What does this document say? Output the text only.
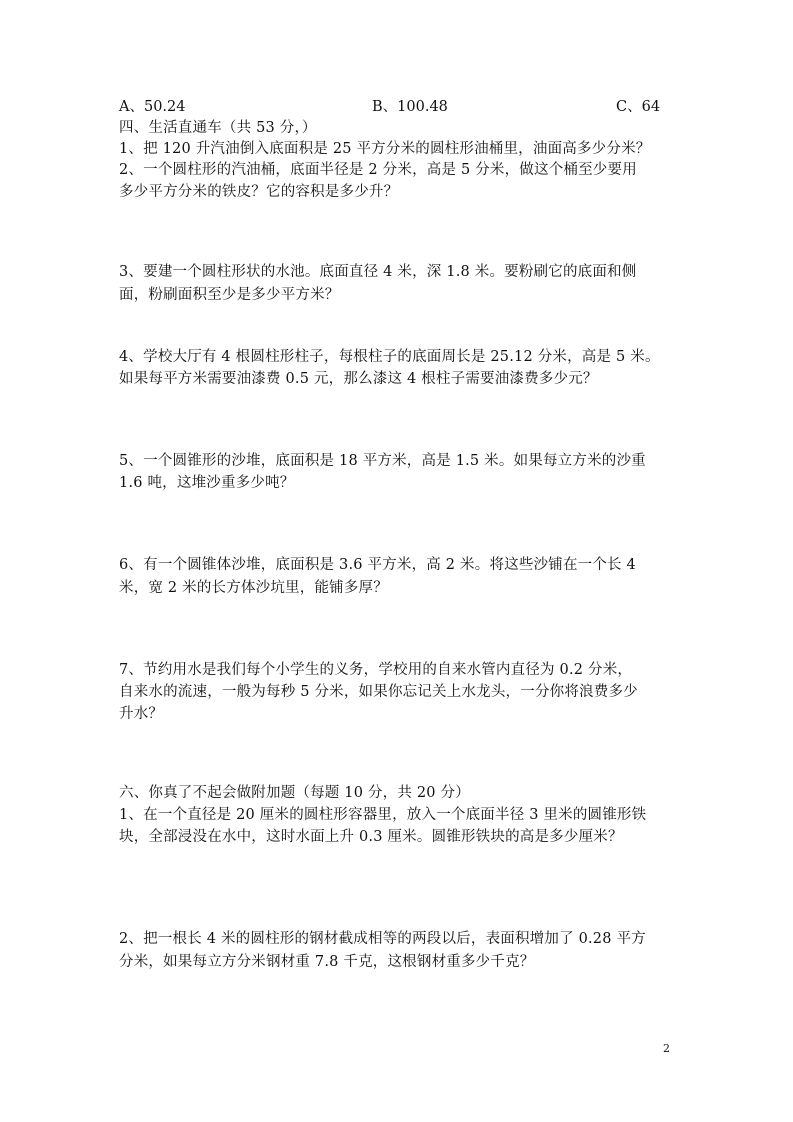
A、50.24	B、100.48	C、64
四、生活直通车（共 53 分，）
1、把 120 升汽油倒入底面积是 25 平方分米的圆柱形油桶里，油面高多少分米？
2、一个圆柱形的汽油桶，底面半径是 2 分米，高是 5 分米，做这个桶至少要用
多少平方分米的铁皮？它的容积是多少升？
3、要建一个圆柱形状的水池。底面直径 4 米，深 1.8 米。要粉刷它的底面和侧
面，粉刷面积至少是多少平方米？
4、学校大厅有 4 根圆柱形柱子，每根柱子的底面周长是 25.12 分米，高是 5 米。
如果每平方米需要油漆费 0.5 元，那么漆这 4 根柱子需要油漆费多少元？
5、一个圆锥形的沙堆，底面积是 18 平方米，高是 1.5 米。如果每立方米的沙重
1.6 吨，这堆沙重多少吨？
6、有一个圆锥体沙堆，底面积是 3.6 平方米，高 2 米。将这些沙铺在一个长 4
米，宽 2 米的长方体沙坑里，能铺多厚？
7、节约用水是我们每个小学生的义务，学校用的自来水管内直径为 0.2 分米，
自来水的流速，一般为每秒 5 分米，如果你忘记关上水龙头，一分你将浪费多少
升水？
六、你真了不起会做附加题（每题 10 分，共 20 分）
1、在一个直径是 20 厘米的圆柱形容器里，放入一个底面半径 3 里米的圆锥形铁
块，全部浸没在水中，这时水面上升 0.3 厘米。圆锥形铁块的高是多少厘米？
2、把一根长 4 米的圆柱形的钢材截成相等的两段以后，表面积增加了 0.28 平方
分米，如果每立方分米钢材重 7.8 千克，这根钢材重多少千克？
2
